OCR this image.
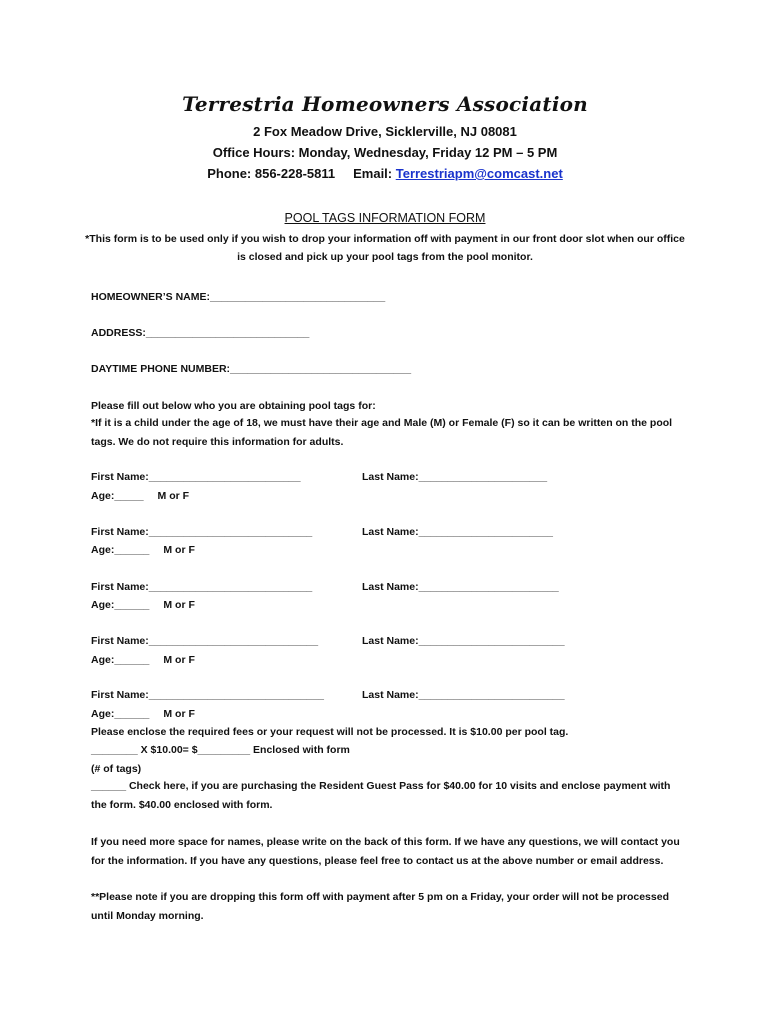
Terrestria Homeowners Association
2 Fox Meadow Drive, Sicklerville, NJ 08081
Office Hours: Monday, Wednesday, Friday 12 PM – 5 PM
Phone: 856-228-5811 Email: Terrestriapm@comcast.net
POOL TAGS INFORMATION FORM
*This form is to be used only if you wish to drop your information off with payment in our front door slot when our office is closed and pick up your pool tags from the pool monitor.
HOMEOWNER’S NAME:______________________________
ADDRESS:____________________________
DAYTIME PHONE NUMBER:_______________________________
Please fill out below who you are obtaining pool tags for:
*If it is a child under the age of 18, we must have their age and Male (M) or Female (F) so it can be written on the pool tags. We do not require this information for adults.
First Name:__________________________	Last Name:______________________
Age:_____ M or F
First Name:____________________________	Last Name:_______________________
Age:______ M or F
First Name:____________________________	Last Name:________________________
Age:______ M or F
First Name:_____________________________	Last Name:_________________________
Age:______ M or F
First Name:______________________________	Last Name:_________________________
Age:______ M or F
Please enclose the required fees or your request will not be processed. It is $10.00 per pool tag.
________ X $10.00= $_________ Enclosed with form
(# of tags)
______ Check here, if you are purchasing the Resident Guest Pass for $40.00 for 10 visits and enclose payment with the form. $40.00 enclosed with form.
If you need more space for names, please write on the back of this form. If we have any questions, we will contact you for the information. If you have any questions, please feel free to contact us at the above number or email address.
**Please note if you are dropping this form off with payment after 5 pm on a Friday, your order will not be processed until Monday morning.
